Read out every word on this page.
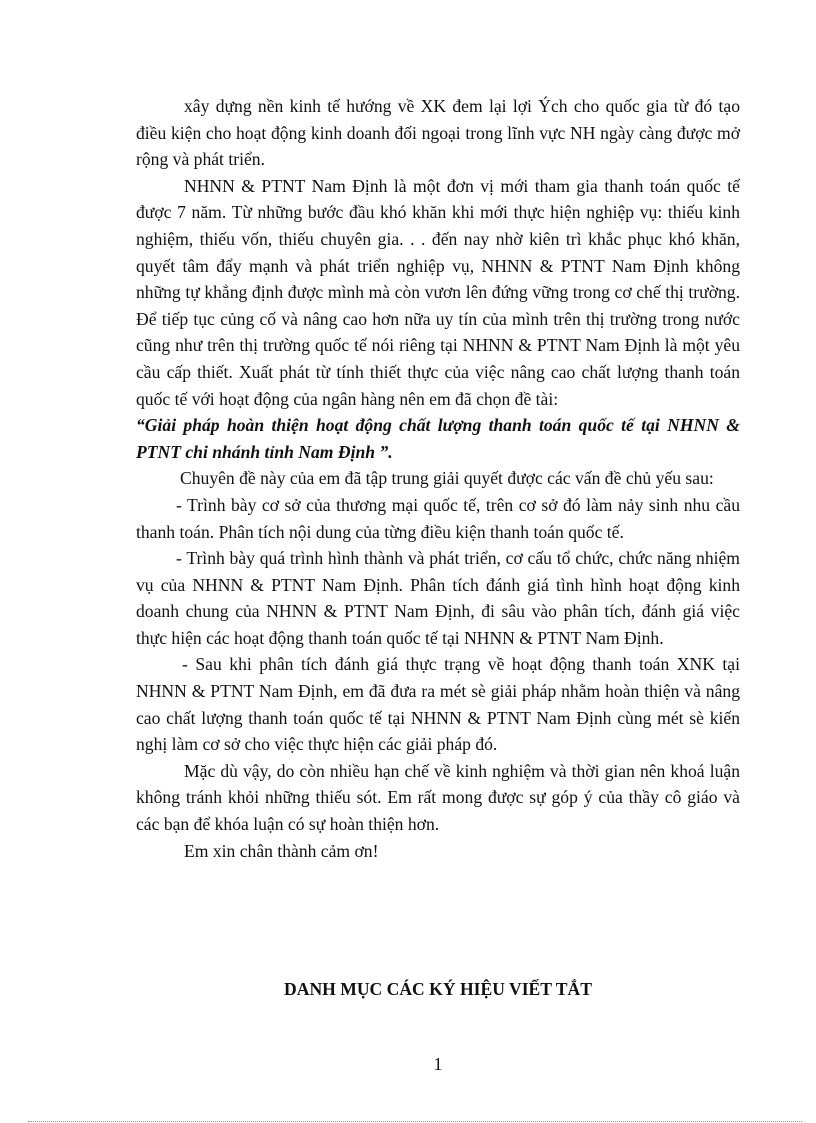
xây dựng nền kinh tế hướng về XK đem lại lợi Ých cho quốc gia từ đó tạo điều kiện cho hoạt động kinh doanh đối ngoại trong lĩnh vực NH ngày càng được mở rộng và phát triển.

NHNN & PTNT Nam Định là một đơn vị mới tham gia thanh toán quốc tế được 7 năm. Từ những bước đầu khó khăn khi mới thực hiện nghiệp vụ: thiếu kinh nghiệm, thiếu vốn, thiếu chuyên gia. . . đến nay nhờ kiên trì khắc phục khó khăn, quyết tâm đẩy mạnh và phát triển nghiệp vụ, NHNN & PTNT Nam Định không những tự khẳng định được mình mà còn vươn lên đứng vững trong cơ chế thị trường. Để tiếp tục củng cố và nâng cao hơn nữa uy tín của mình trên thị trường trong nước cũng như trên thị trường quốc tế nói riêng tại NHNN & PTNT Nam Định là một yêu cầu cấp thiết. Xuất phát từ tính thiết thực của việc nâng cao chất lượng thanh toán quốc tế với hoạt động của ngân hàng nên em đã chọn đề tài:

“Giải pháp hoàn thiện hoạt động chất lượng thanh toán quốc tế tại NHNN & PTNT chi nhánh tỉnh Nam Định ”.

Chuyên đề này của em đã tập trung giải quyết được các vấn đề chủ yếu sau:

- Trình bày cơ sở của thương mại quốc tế, trên cơ sở đó làm nảy sinh nhu cầu thanh toán. Phân tích nội dung của từng điều kiện thanh toán quốc tế.

- Trình bày quá trình hình thành và phát triển, cơ cấu tổ chức, chức năng nhiệm vụ của NHNN & PTNT Nam Định. Phân tích đánh giá tình hình hoạt động kinh doanh chung của NHNN & PTNT Nam Định, đi sâu vào phân tích, đánh giá việc thực hiện các hoạt động thanh toán quốc tế tại NHNN & PTNT Nam Định.

- Sau khi phân tích đánh giá thực trạng về hoạt động thanh toán XNK tại NHNN & PTNT Nam Định, em đã đưa ra mét sè giải pháp nhằm hoàn thiện và nâng cao chất lượng thanh toán quốc tế tại NHNN & PTNT Nam Định cùng mét sè kiến nghị làm cơ sở cho việc thực hiện các giải pháp đó.

Mặc dù vậy, do còn nhiều hạn chế về kinh nghiệm và thời gian nên khoá luận không tránh khỏi những thiếu sót. Em rất mong được sự góp ý của thầy cô giáo và các bạn để khóa luận có sự hoàn thiện hơn.

Em xin chân thành cảm ơn!

DANH MỤC CÁC KÝ HIỆU VIẾT TẮT
1
